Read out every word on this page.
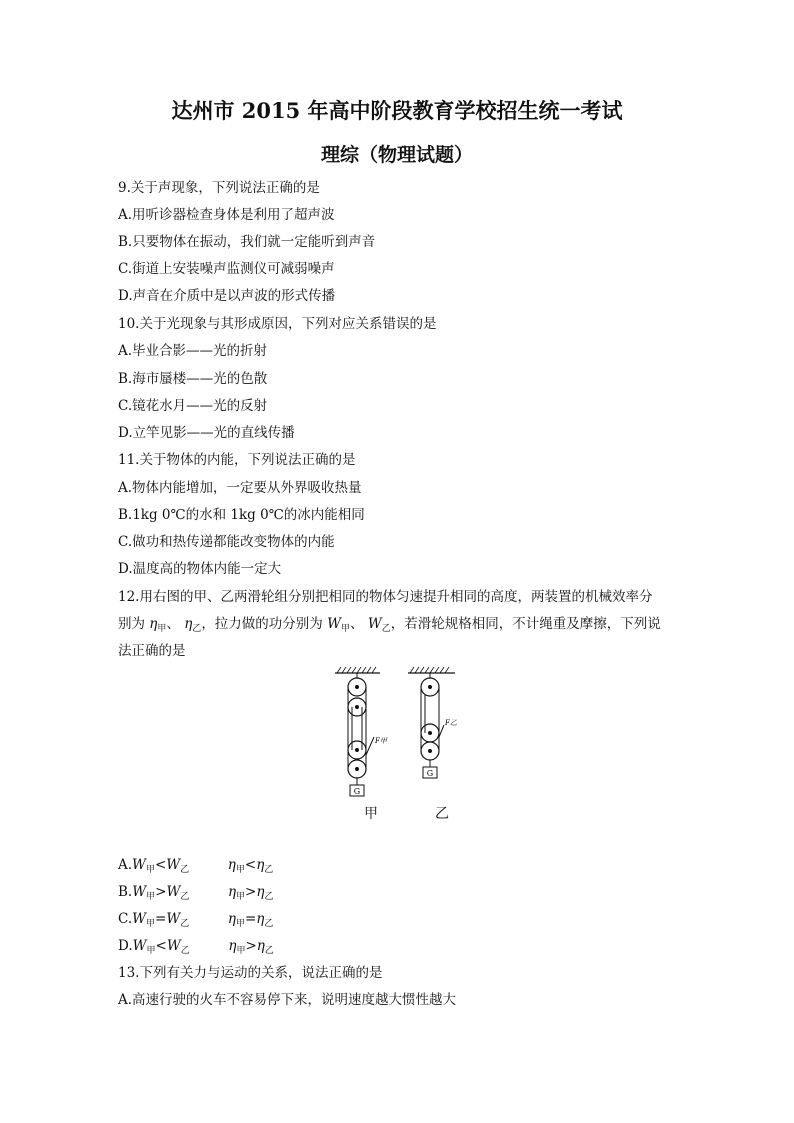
达州市 2015 年高中阶段教育学校招生统一考试
理综（物理试题）
9.关于声现象，下列说法正确的是
A.用听诊器检查身体是利用了超声波
B.只要物体在振动，我们就一定能听到声音
C.街道上安装噪声监测仪可减弱噪声
D.声音在介质中是以声波的形式传播
10.关于光现象与其形成原因，下列对应关系错误的是
A.毕业合影——光的折射
B.海市蜃楼——光的色散
C.镜花水月——光的反射
D.立竿见影——光的直线传播
11.关于物体的内能，下列说法正确的是
A.物体内能增加，一定要从外界吸收热量
B.1kg 0℃的水和 1kg 0℃的冰内能相同
C.做功和热传递都能改变物体的内能
D.温度高的物体内能一定大
12.用右图的甲、乙两滑轮组分别把相同的物体匀速提升相同的高度，两装置的机械效率分
别为 $\eta_甲$、 $\eta_乙$，拉力做的功分别为 $W_甲$、 $W_乙$，若滑轮规格相同，不计绳重及摩擦，下列说
法正确的是
G
F甲
G
F乙
甲	乙
$A.W_甲<W_乙$	$\eta_甲<\eta_乙$
$B.W_甲>W_乙$	$\eta_甲>\eta_乙$
$C.W_甲=W_乙$	$\eta_甲=\eta_乙$
$D.W_甲<W_乙$	$\eta_甲>\eta_乙$
13.下列有关力与运动的关系，说法正确的是
A.高速行驶的火车不容易停下来，说明速度越大惯性越大
